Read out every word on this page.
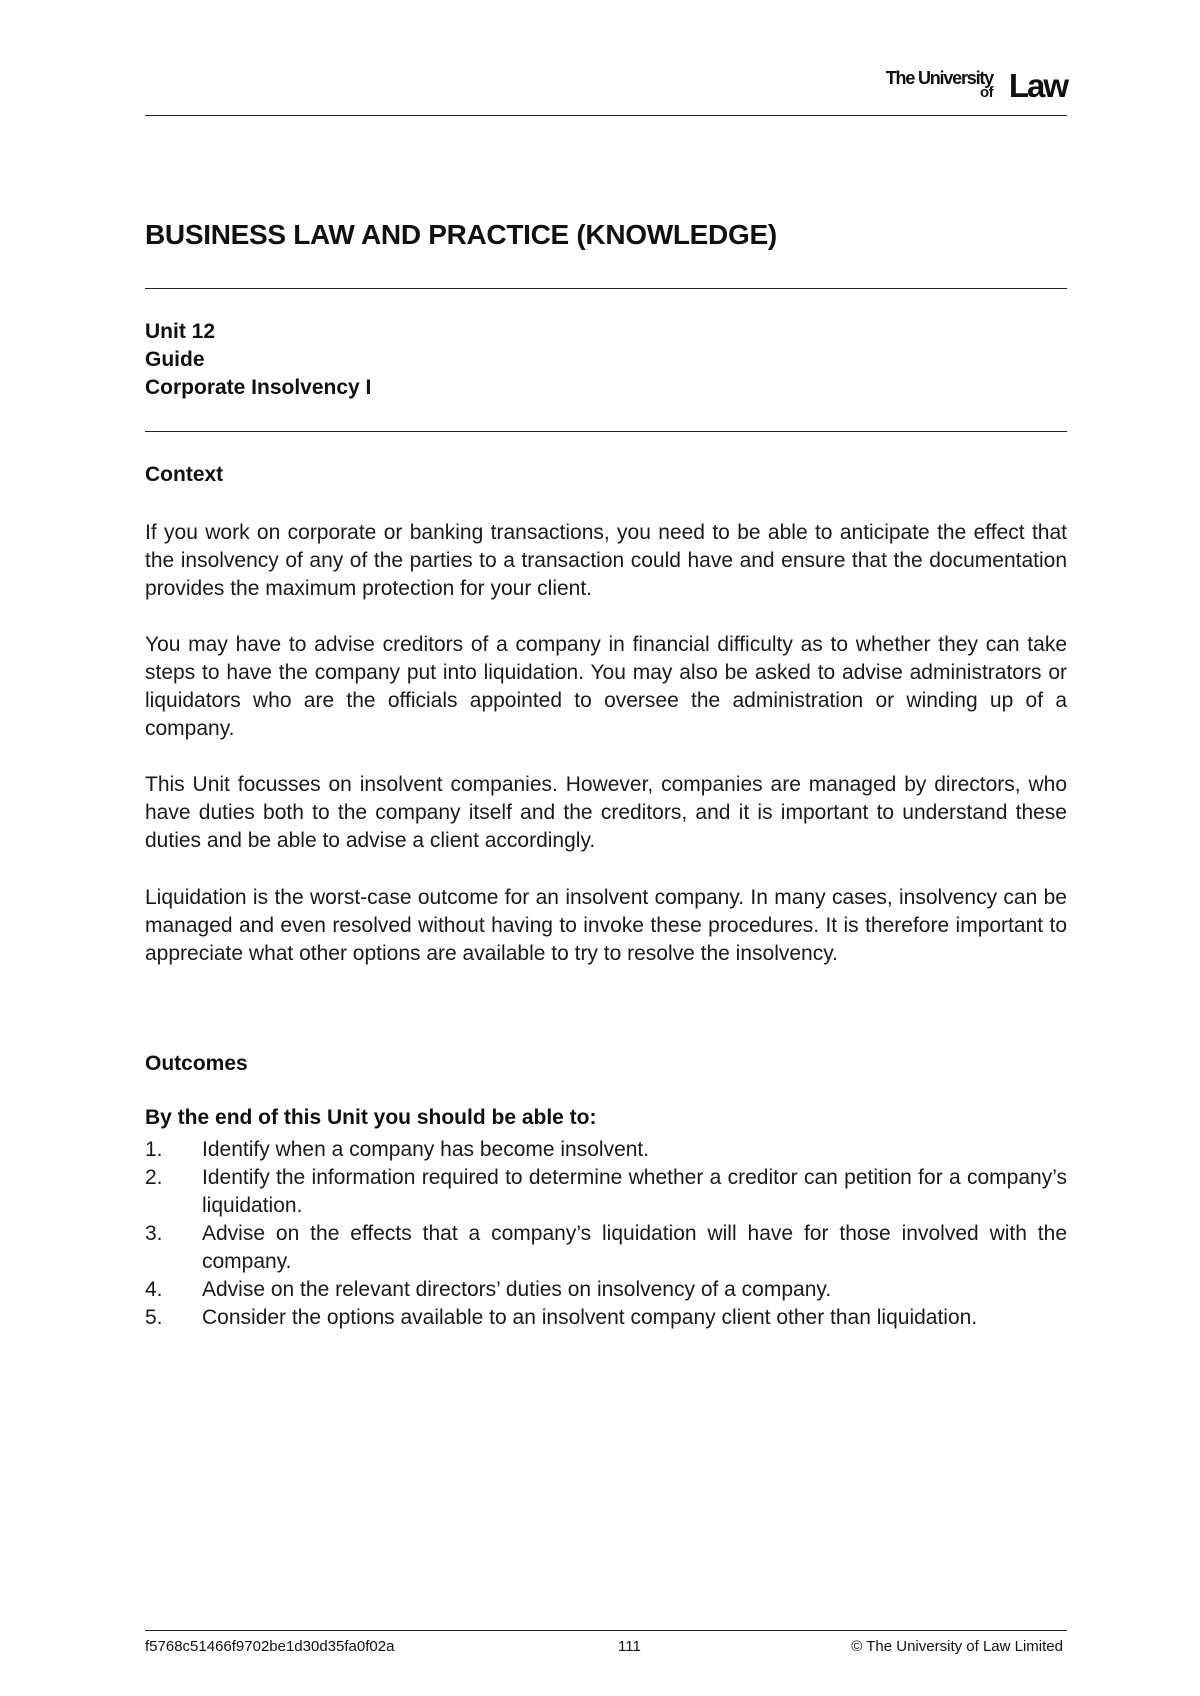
The University
of Law
BUSINESS LAW AND PRACTICE (KNOWLEDGE)
Unit 12
Guide
Corporate Insolvency I
Context

If you work on corporate or banking transactions, you need to be able to anticipate the effect that the insolvency of any of the parties to a transaction could have and ensure that the documentation provides the maximum protection for your client.

You may have to advise creditors of a company in financial difficulty as to whether they can take steps to have the company put into liquidation. You may also be asked to advise administrators or liquidators who are the officials appointed to oversee the administration or winding up of a company.

This Unit focusses on insolvent companies. However, companies are managed by directors, who have duties both to the company itself and the creditors, and it is important to understand these duties and be able to advise a client accordingly.

Liquidation is the worst-case outcome for an insolvent company. In many cases, insolvency can be managed and even resolved without having to invoke these procedures. It is therefore important to appreciate what other options are available to try to resolve the insolvency.

Outcomes

By the end of this Unit you should be able to:

1.	Identify when a company has become insolvent.
2.	Identify the information required to determine whether a creditor can petition for a company’s liquidation.
3.	Advise on the effects that a company’s liquidation will have for those involved with the company.
4.	Advise on the relevant directors’ duties on insolvency of a company.
5.	Consider the options available to an insolvent company client other than liquidation.
f5768c51466f9702be1d30d35fa0f02a	111	© The University of Law Limited
